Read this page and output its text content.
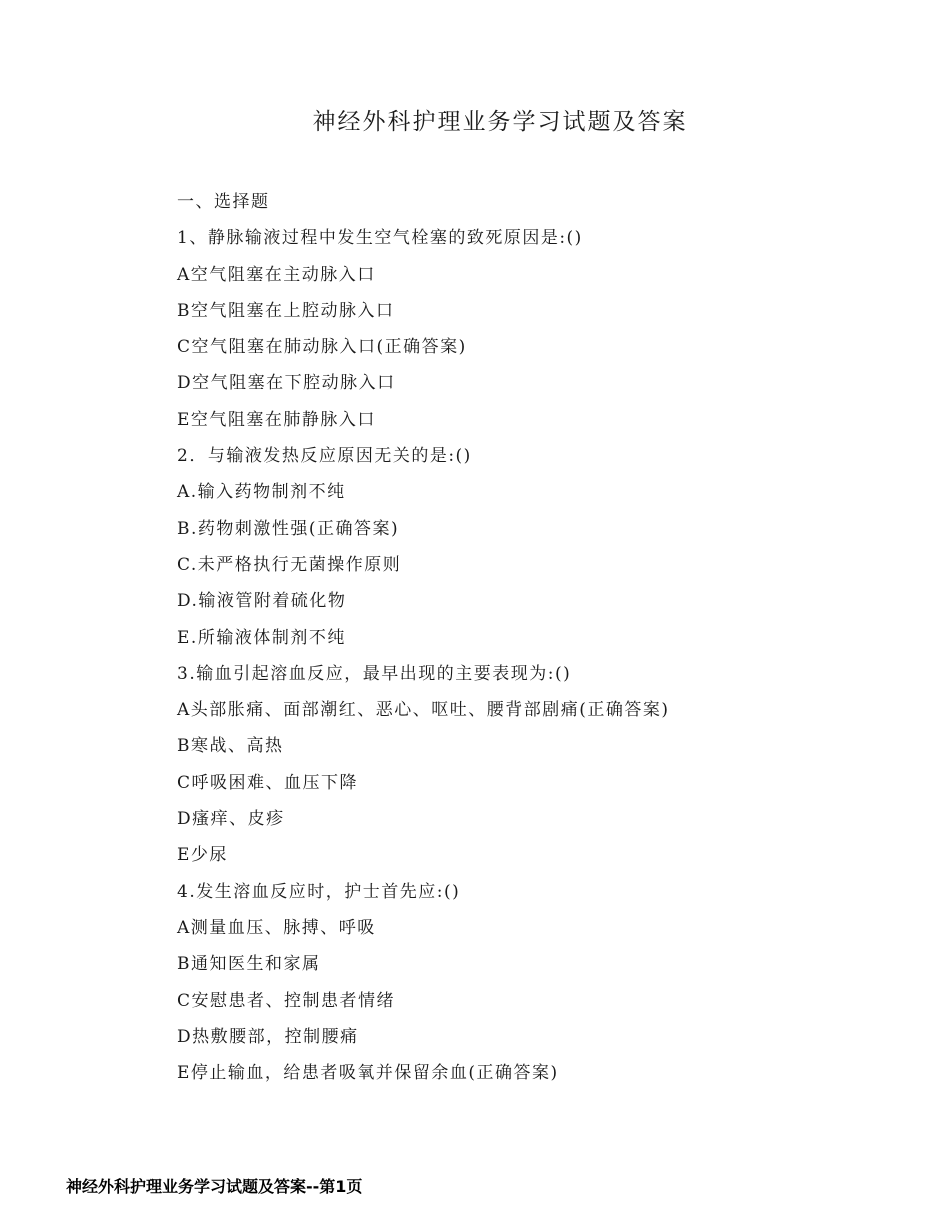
神经外科护理业务学习试题及答案
一、选择题
1、静脉输液过程中发生空气栓塞的致死原因是:()
A空气阻塞在主动脉入口
B空气阻塞在上腔动脉入口
C空气阻塞在肺动脉入口(正确答案)
D空气阻塞在下腔动脉入口
E空气阻塞在肺静脉入口
2．与输液发热反应原因无关的是:()
A.输入药物制剂不纯
B.药物刺激性强(正确答案)
C.未严格执行无菌操作原则
D.输液管附着硫化物
E.所输液体制剂不纯
3.输血引起溶血反应，最早出现的主要表现为:()
A头部胀痛、面部潮红、恶心、呕吐、腰背部剧痛(正确答案)
B寒战、高热
C呼吸困难、血压下降
D瘙痒、皮疹
E少尿
4.发生溶血反应时，护士首先应:()
A测量血压、脉搏、呼吸
B通知医生和家属
C安慰患者、控制患者情绪
D热敷腰部，控制腰痛
E停止输血，给患者吸氧并保留余血(正确答案)
神经外科护理业务学习试题及答案--第1页
